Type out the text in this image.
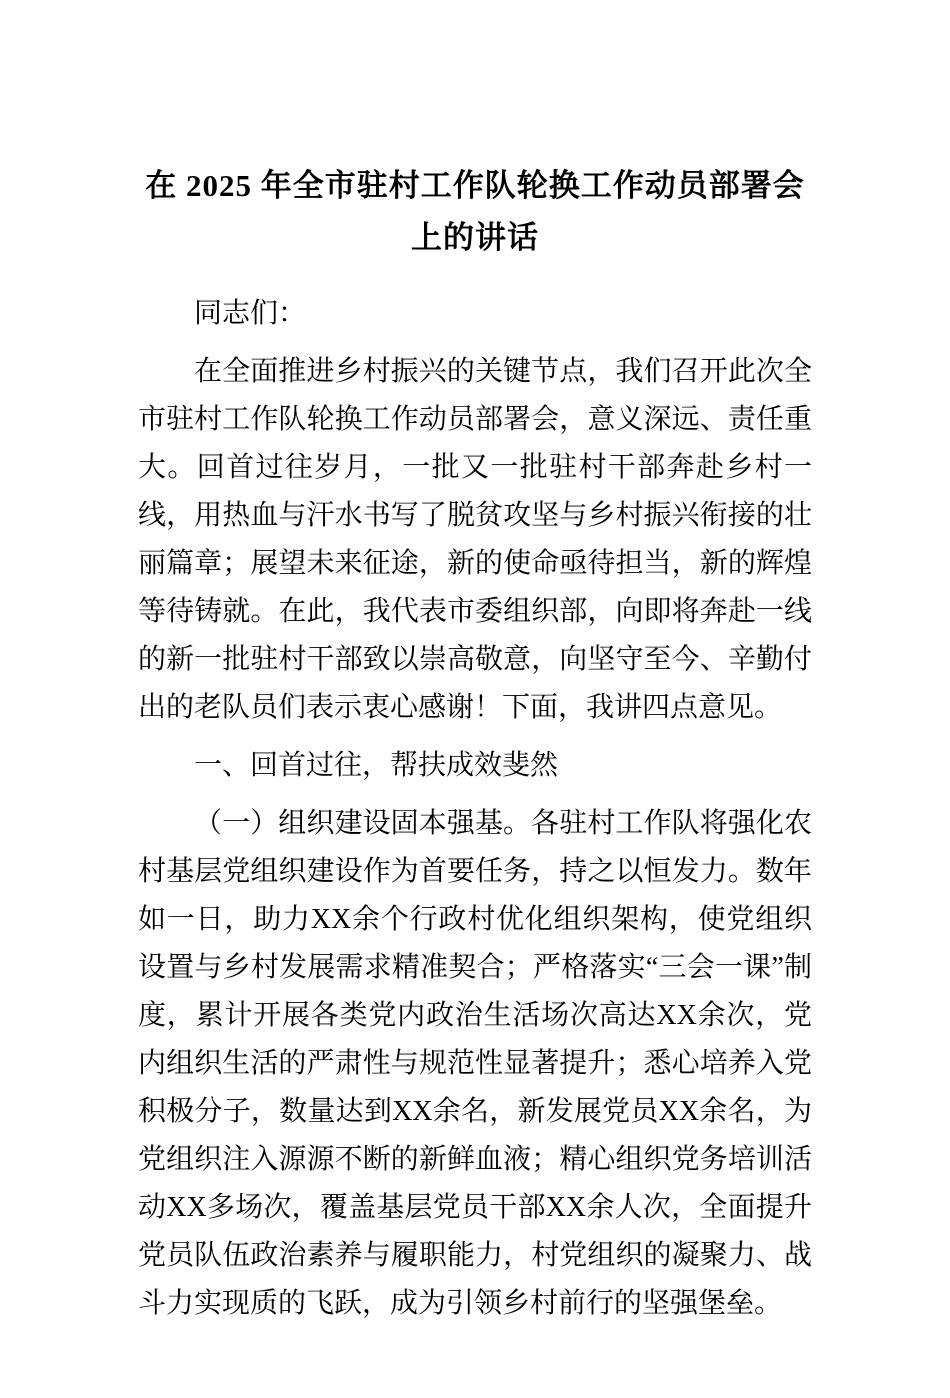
在 2025 年全市驻村工作队轮换工作动员部署会上的讲话

同志们：

在全面推进乡村振兴的关键节点，我们召开此次全市驻村工作队轮换工作动员部署会，意义深远、责任重大。回首过往岁月，一批又一批驻村干部奔赴乡村一线，用热血与汗水书写了脱贫攻坚与乡村振兴衔接的壮丽篇章；展望未来征途，新的使命亟待担当，新的辉煌等待铸就。在此，我代表市委组织部，向即将奔赴一线的新一批驻村干部致以崇高敬意，向坚守至今、辛勤付出的老队员们表示衷心感谢！下面，我讲四点意见。

一、回首过往，帮扶成效斐然

（一）组织建设固本强基。各驻村工作队将强化农村基层党组织建设作为首要任务，持之以恒发力。数年如一日，助力XX余个行政村优化组织架构，使党组织设置与乡村发展需求精准契合；严格落实“三会一课”制度，累计开展各类党内政治生活场次高达XX余次，党内组织生活的严肃性与规范性显著提升；悉心培养入党积极分子，数量达到XX余名，新发展党员XX余名，为党组织注入源源不断的新鲜血液；精心组织党务培训活动XX多场次，覆盖基层党员干部XX余人次，全面提升党员队伍政治素养与履职能力，村党组织的凝聚力、战斗力实现质的飞跃，成为引领乡村前行的坚强堡垒。
